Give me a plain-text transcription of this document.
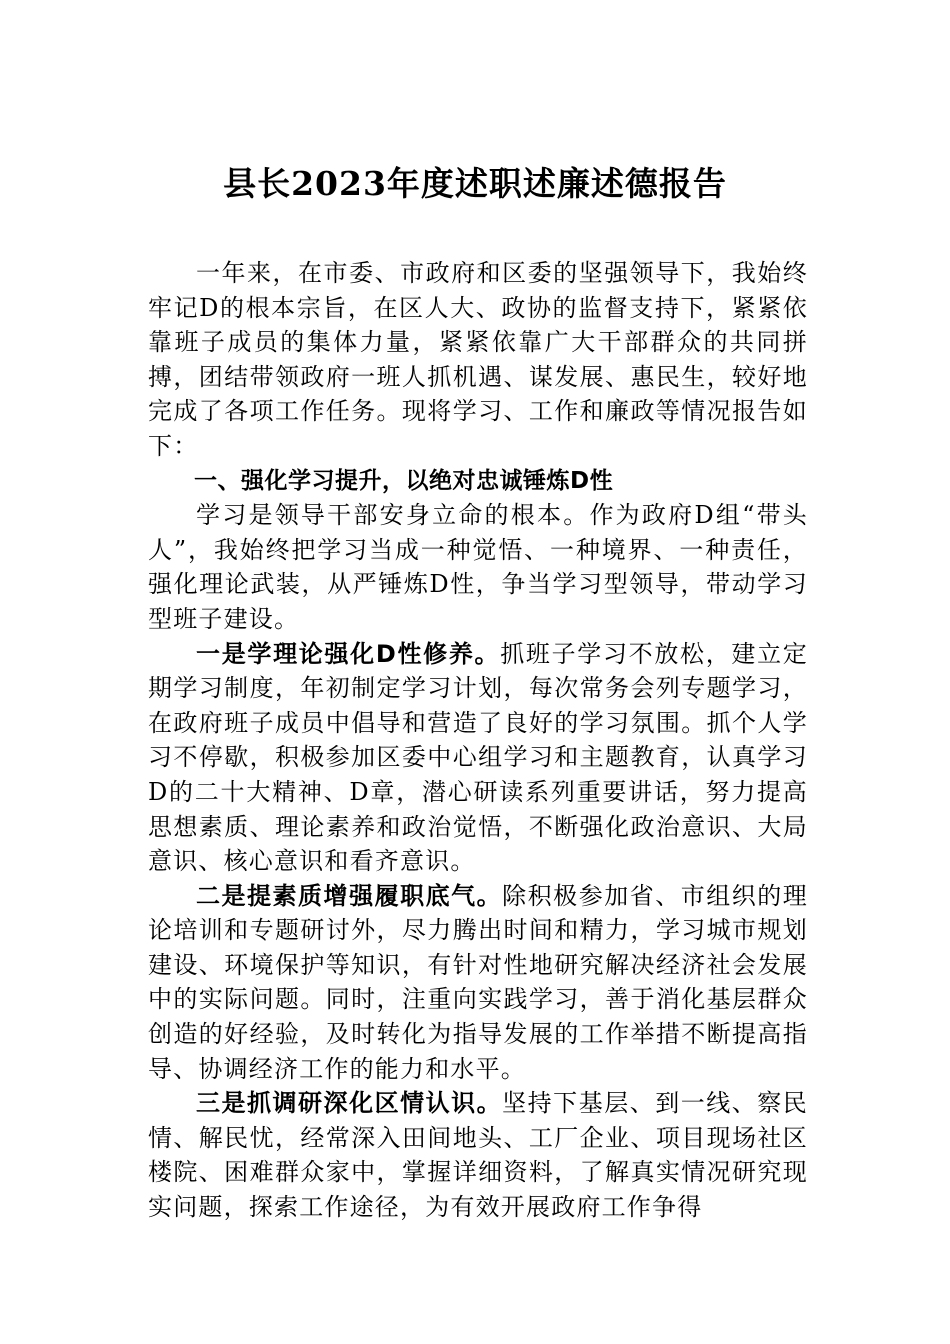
县长2023年度述职述廉述德报告

一年来，在市委、市政府和区委的坚强领导下，我始终牢记D的根本宗旨，在区人大、政协的监督支持下，紧紧依靠班子成员的集体力量，紧紧依靠广大干部群众的共同拼搏，团结带领政府一班人抓机遇、谋发展、惠民生，较好地完成了各项工作任务。现将学习、工作和廉政等情况报告如下：

一、强化学习提升，以绝对忠诚锤炼D性

学习是领导干部安身立命的根本。作为政府D组“带头人”，我始终把学习当成一种觉悟、一种境界、一种责任，强化理论武装，从严锤炼D性，争当学习型领导，带动学习型班子建设。

一是学理论强化D性修养。抓班子学习不放松，建立定期学习制度，年初制定学习计划，每次常务会列专题学习，在政府班子成员中倡导和营造了良好的学习氛围。抓个人学习不停歇，积极参加区委中心组学习和主题教育，认真学习D的二十大精神、D章，潜心研读系列重要讲话，努力提高思想素质、理论素养和政治觉悟，不断强化政治意识、大局意识、核心意识和看齐意识。

二是提素质增强履职底气。除积极参加省、市组织的理论培训和专题研讨外，尽力腾出时间和精力，学习城市规划建设、环境保护等知识，有针对性地研究解决经济社会发展中的实际问题。同时，注重向实践学习，善于消化基层群众创造的好经验，及时转化为指导发展的工作举措不断提高指导、协调经济工作的能力和水平。

三是抓调研深化区情认识。坚持下基层、到一线、察民情、解民忧，经常深入田间地头、工厂企业、项目现场社区楼院、困难群众家中，掌握详细资料，了解真实情况研究现实问题，探索工作途径，为有效开展政府工作争得
